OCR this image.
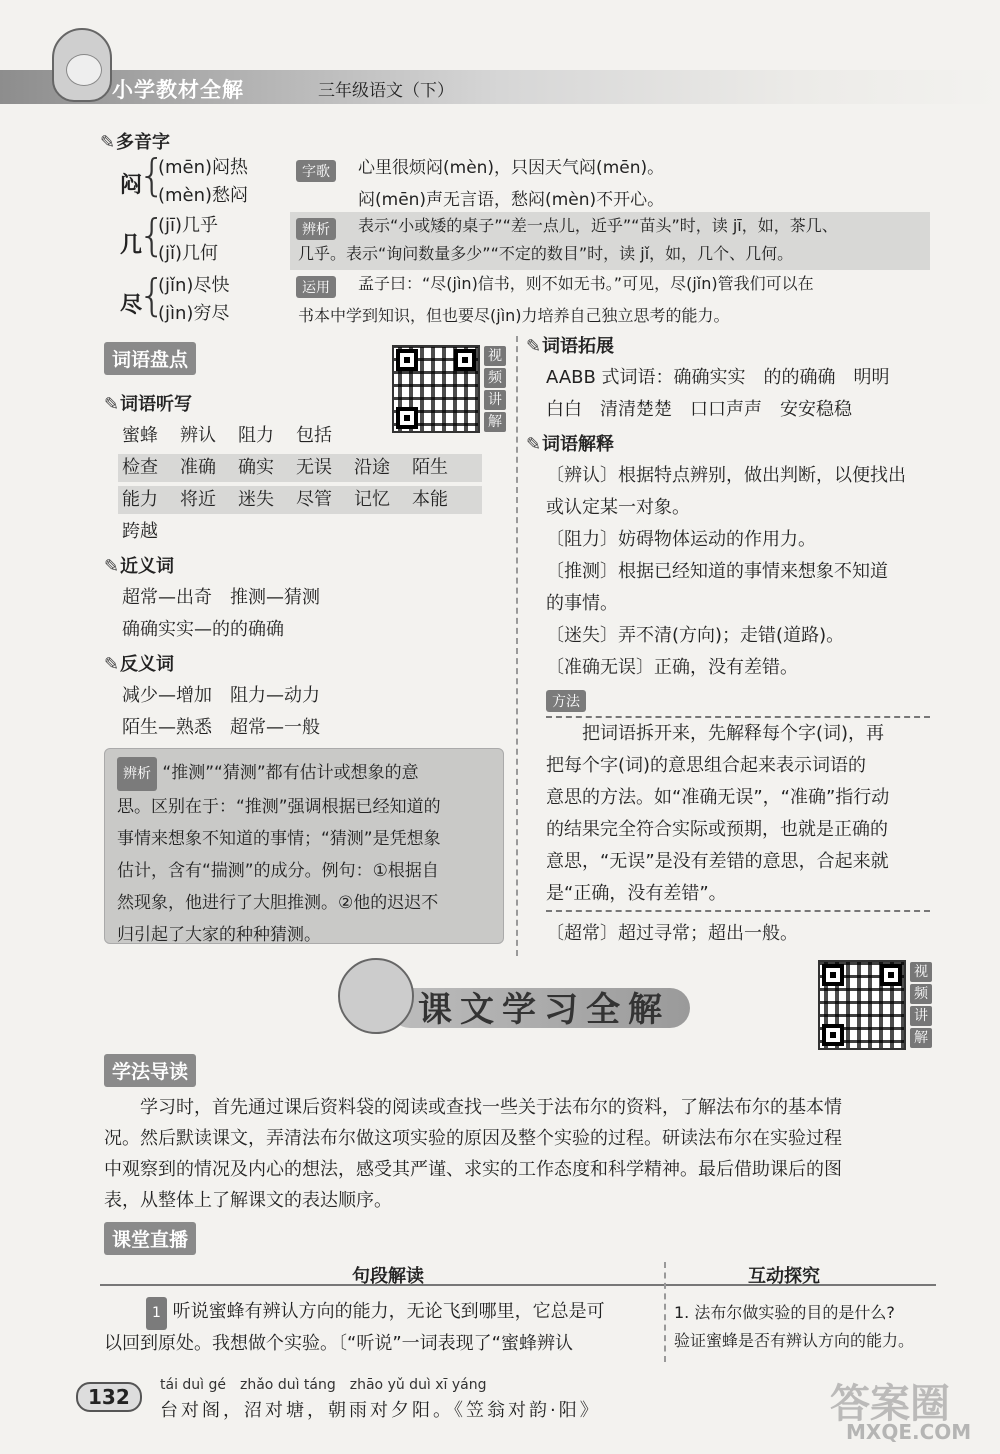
小学教材全解	三年级语文（下）
✎多音字
闷
{
(mēn)闷热
(mèn)愁闷
字歌	心里很烦闷(mèn)，只因天气闷(mēn)。
闷(mēn)声无言语，愁闷(mèn)不开心。
几
{
(jī)几乎
(jǐ)几何
辨析	表示“小或矮的桌子”“差一点儿，近乎”“苗头”时，读 jī，如，茶几、
几乎。表示“询问数量多少”“不定的数目”时，读 jǐ，如，几个、几何。
尽
{
(jǐn)尽快
(jìn)穷尽
运用	孟子曰：“尽(jìn)信书，则不如无书。”可见，尽(jǐn)管我们可以在
书本中学到知识，但也要尽(jìn)力培养自己独立思考的能力。
词语盘点	视
频
讲
解
✎词语听写
蜜蜂 辨认 阻力 包括
检查 准确 确实 无误 沿途 陌生
能力 将近 迷失 尽管 记忆 本能
跨越
✎近义词
超常—出奇　推测—猜测
确确实实—的的确确
✎反义词
减少—增加　阻力—动力
陌生—熟悉　超常—一般
辨析 “推测”“猜测”都有估计或想象的意
思。区别在于：“推测”强调根据已经知道的
事情来想象不知道的事情；“猜测”是凭想象
估计，含有“揣测”的成分。例句：①根据自
然现象，他进行了大胆推测。②他的迟迟不
归引起了大家的种种猜测。
✎词语拓展
AABB 式词语：确确实实　的的确确　明明
白白　清清楚楚　口口声声　安安稳稳
✎词语解释
〔辨认〕根据特点辨别，做出判断，以便找出
或认定某一对象。
〔阻力〕妨碍物体运动的作用力。
〔推测〕根据已经知道的事情来想象不知道
的事情。
〔迷失〕弄不清(方向)；走错(道路)。
〔准确无误〕正确，没有差错。
方法
　　把词语拆开来，先解释每个字(词)，再
把每个字(词)的意思组合起来表示词语的
意思的方法。如“准确无误”，“准确”指行动
的结果完全符合实际或预期，也就是正确的
意思，“无误”是没有差错的意思，合起来就
是“正确，没有差错”。
〔超常〕超过寻常；超出一般。
课文学习全解
视
频
讲
解
学法导读
　　学习时，首先通过课后资料袋的阅读或查找一些关于法布尔的资料，了解法布尔的基本情
况。然后默读课文，弄清法布尔做这项实验的原因及整个实验的过程。研读法布尔在实验过程
中观察到的情况及内心的想法，感受其严谨、求实的工作态度和科学精神。最后借助课后的图
表，从整体上了解课文的表达顺序。
课堂直播
句段解读	互动探究
1 听说蜜蜂有辨认方向的能力，无论飞到哪里，它总是可
以回到原处。我想做个实验。〔“听说”一词表现了“蜜蜂辨认
1. 法布尔做实验的目的是什么?
验证蜜蜂是否有辨认方向的能力。
132	tái duì gé　zhǎo duì táng　zhāo yǔ duì xī yáng
台对阁，沼对塘，朝雨对夕阳。《笠翁对韵·阳》	答案圈
MXQE.COM
